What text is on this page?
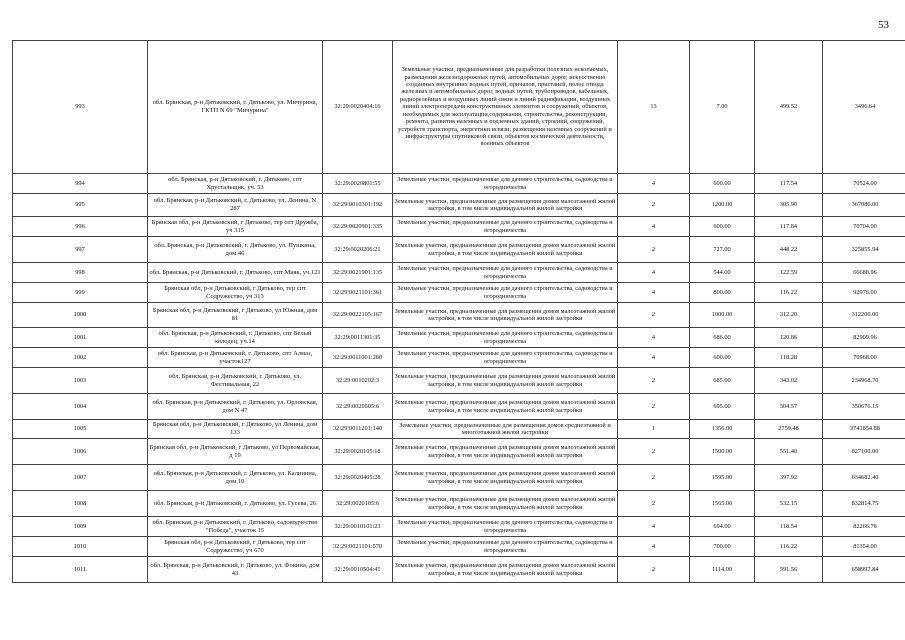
53
993	обл. Брянская, р-н Дятьковский, г. Дятьково, ул. Мичурина, ГКТП N 69 "Мичурина"	32:29:0020404:16	Земельные участки, предназначенные для разработки полезных ископаемых, размещения железнодорожных путей, автомобильных дорог, искусственно созданных внутренних водных путей, причалов, пристаней, полос отвода железных и автомобильных дорог, водных путей, трубопроводов, кабельных, радиорелейных и воздушных линий связи и линий радиофикации, воздушных линий электропередачи конструктивных элементов и сооружений, объектов, необходимых для эксплуатации,содержания, строительства, реконструкции, ремонта, развития наземных и подземных зданий, строений, сооружений, устройств транспорта, энергетики исвязи; размещения наземных сооружений и инфраструктуры спутниковой связи, объектов космической деятельности, военных объектов	13	7.00	499.52	3496.64
994	обл. Брянская, р-н Дятьковский, г. Дятьково, спт Хрустальщик, уч. 53	32:29:0020801:55	Земельные участки, предназначенные для дачного строительства, садоводства и огородничества	4	600.00	117.54	70524.00
995	обл. Брянская, р-н Дятьковский, г. Дятьково, ул. Ленина, N 287	32:29:0010301:192	Земельные участки, предназначенные для размещения домов малоэтажной жилой застройки, в том числе индивидуальной жилой застройки	2	1200.00	305.90	367080.00
996	Брянская обл, р-н Дятьковский, г Дятьково, тер спт Дружба, уч 315	32:29:0020901:335	Земельные участки, предназначенные для дачного строительства, садоводства и огородничества	4	600.00	117.84	70704.00
997	обл. Брянская, р-н Дятьковский, г. Дятьково, ул. Пушкина, дом 46	32:29:0020206:21	Земельные участки, предназначенные для размещения домов малоэтажной жилой застройки, в том числе индивидуальной жилой застройки	2	727.00	448.22	325855.94
998	обл. Брянская, р-н Дятьковский, г. Дятьково, спт Маяк, уч.121	32:29:0021901:135	Земельные участки, предназначенные для дачного строительства, садоводства и огородничества	4	544.00	122.59	66688.96
999	Брянская обл, р-н Дятьковский, г Дятьково, тер спт Содружество, уч 313	32:29:0021101:361	Земельные участки, предназначенные для дачного строительства, садоводства и огородничества	4	800.00	116.22	92976.00
1000	Брянская обл, р-н Дятьковский, г Дятьково, ул Южная, дом 81	32:29:0022105:167	Земельные участки, предназначенные для размещения домов малоэтажной жилой застройки, в том числе индивидуальной жилой застройки	2	1000.00	312.20	312200.00
1001	обл. Брянская, р-н Дятьковский, г. Дятьково, спт Белый колодец, уч.14	32:29:0011301:35	Земельные участки, предназначенные для дачного строительства, садоводства и огородничества	4	686.00	120.86	82909.96
1002	обл. Брянская, р-н Дятьковский, г. Дятьково, спт Алмаз, участок127	32:29:0011001:260	Земельные участки, предназначенные для дачного строительства, садоводства и огородничества	4	600.00	118.28	70968.00
1003	обл. Брянская, р-н Дятьковский, г. Дятьково, ул. Фестивальная, 22	32:29:0010202:3	Земельные участки, предназначенные для размещения домов малоэтажной жилой застройки, в том числе индивидуальной жилой застройки	2	685.00	343.02	234968.70
1004	обл. Брянская, р-н Дятьковский, г. Дятьково, ул. Орловская, дом N 47	32:29:0020505:6	Земельные участки, предназначенные для размещения домов малоэтажной жилой застройки, в том числе индивидуальной жилой застройки	2	695.00	504.57	350676.15
1005	Брянская обл, р-н Дятьковский, г Дятьково, ул Ленина, дом 133	32:29:0011201:140	Земельные участки, предназначенные для размещения домов среднеэтажной и многоэтажной жилой застройки	1	1356.00	2759.48	3741854.88
1006	Брянская обл, р-н Дятьковский, г Дятьково, ул Первомайская, д 19	32:29:0020105:18	Земельные участки, предназначенные для размещения домов малоэтажной жилой застройки, в том числе индивидуальной жилой застройки	2	1500.00	551.40	827100.00
1007	обл. Брянская, р-н Дятьковский, г. Дятьково, ул. Калинина, дом 10	32:29:0020405:28	Земельные участки, предназначенные для размещения домов малоэтажной жилой застройки, в том числе индивидуальной жилой застройки	2	1595.00	397.92	634682.40
1008	обл. Брянская, р-н Дятьковский, г. Дятьково, ул. Гусева, 26	32:29:0020105:6	Земельные участки, предназначенные для размещения домов малоэтажной жилой застройки, в том числе индивидуальной жилой застройки	2	1565.00	532.15	832814.75
1009	обл. Брянская, р-н Дятьковский, г. Дятьково, садоводчество "Победа", участок 15	32:29:0010101:23	Земельные участки, предназначенные для дачного строительства, садоводства и огородничества	4	694.00	118.54	82266.76
1010	Брянская обл, р-н Дятьковский, г Дятьково, тер спт Содружество, уч 670	32:29:0021101:570	Земельные участки, предназначенные для дачного строительства, садоводства и огородничества	4	700.00	116.22	81354.00
1011	обл. Брянская, р-н Дятьковский, г. Дятьково, ул. Фокина, дом 43	32:29:0010504:41	Земельные участки, предназначенные для размещения домов малоэтажной жилой застройки, в том числе индивидуальной жилой застройки	2	1114.00	591.56	658997.84
